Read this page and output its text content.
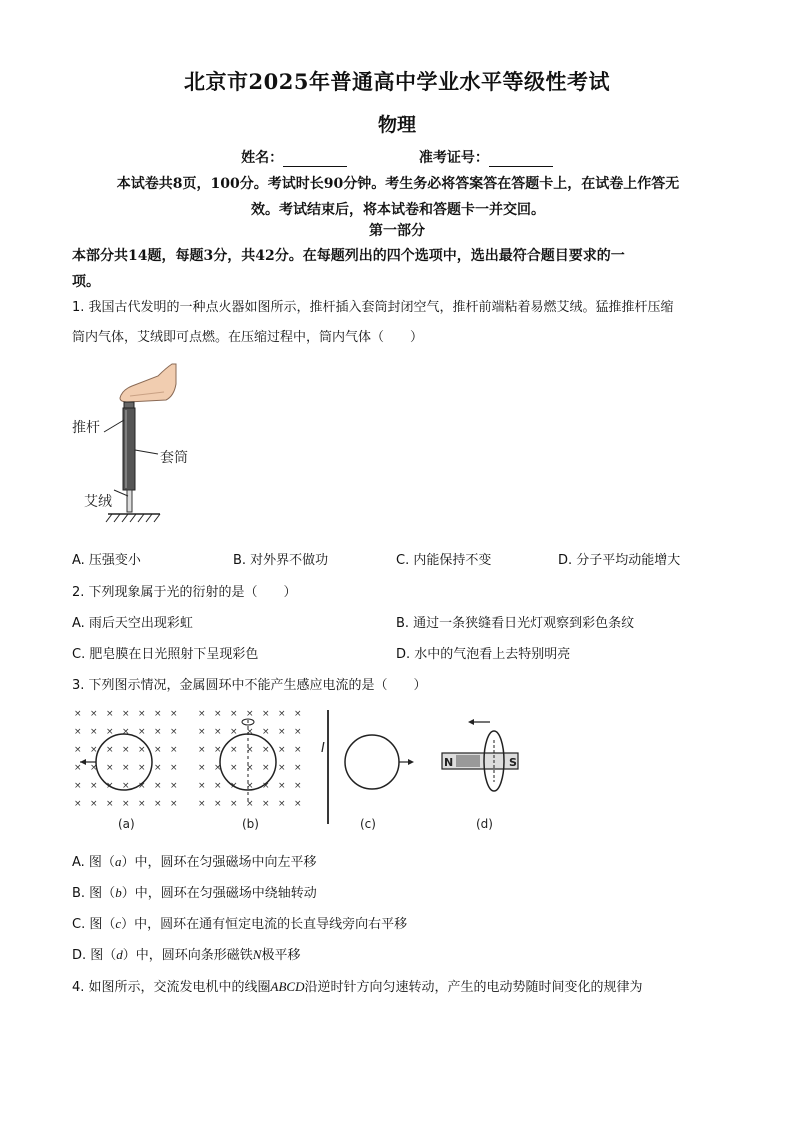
北京市2025年普通高中学业水平等级性考试
物理
姓名：	准考证号：
本试卷共8页，100分。考试时长90分钟。考生务必将答案答在答题卡上，在试卷上作答无
效。考试结束后，将本试卷和答题卡一并交回。
第一部分
本部分共14题，每题3分，共42分。在每题列出的四个选项中，选出最符合题目要求的一
项。
1. 我国古代发明的一种点火器如图所示，推杆插入套筒封闭空气，推杆前端粘着易燃艾绒。猛推推杆压缩
筒内气体，艾绒即可点燃。在压缩过程中，筒内气体（　　）
推杆
套筒
艾绒
A. 压强变小	B. 对外界不做功	C. 内能保持不变	D. 分子平均动能增大
2. 下列现象属于光的衍射的是（　　）
A. 雨后天空出现彩虹	B. 通过一条狭缝看日光灯观察到彩色条纹
C. 肥皂膜在日光照射下呈现彩色	D. 水中的气泡看上去特别明亮
3. 下列图示情况，金属圆环中不能产生感应电流的是（　　）
× × × × × × ×
× × × × × × ×
× × × × × × ×
× × × × × × ×
× × × × × × ×
× × × × × × ×
× × × × × × ×
× × × × × × ×
× × × × × × ×
× × × × × × ×
× × × × × × ×
× × × × × × ×
I
N	S
(a)	(b)	(c)	(d)
A. 图（a）中，圆环在匀强磁场中向左平移
B. 图（b）中，圆环在匀强磁场中绕轴转动
C. 图（c）中，圆环在通有恒定电流的长直导线旁向右平移
D. 图（d）中，圆环向条形磁铁N极平移
4. 如图所示，交流发电机中的线圈ABCD沿逆时针方向匀速转动，产生的电动势随时间变化的规律为
